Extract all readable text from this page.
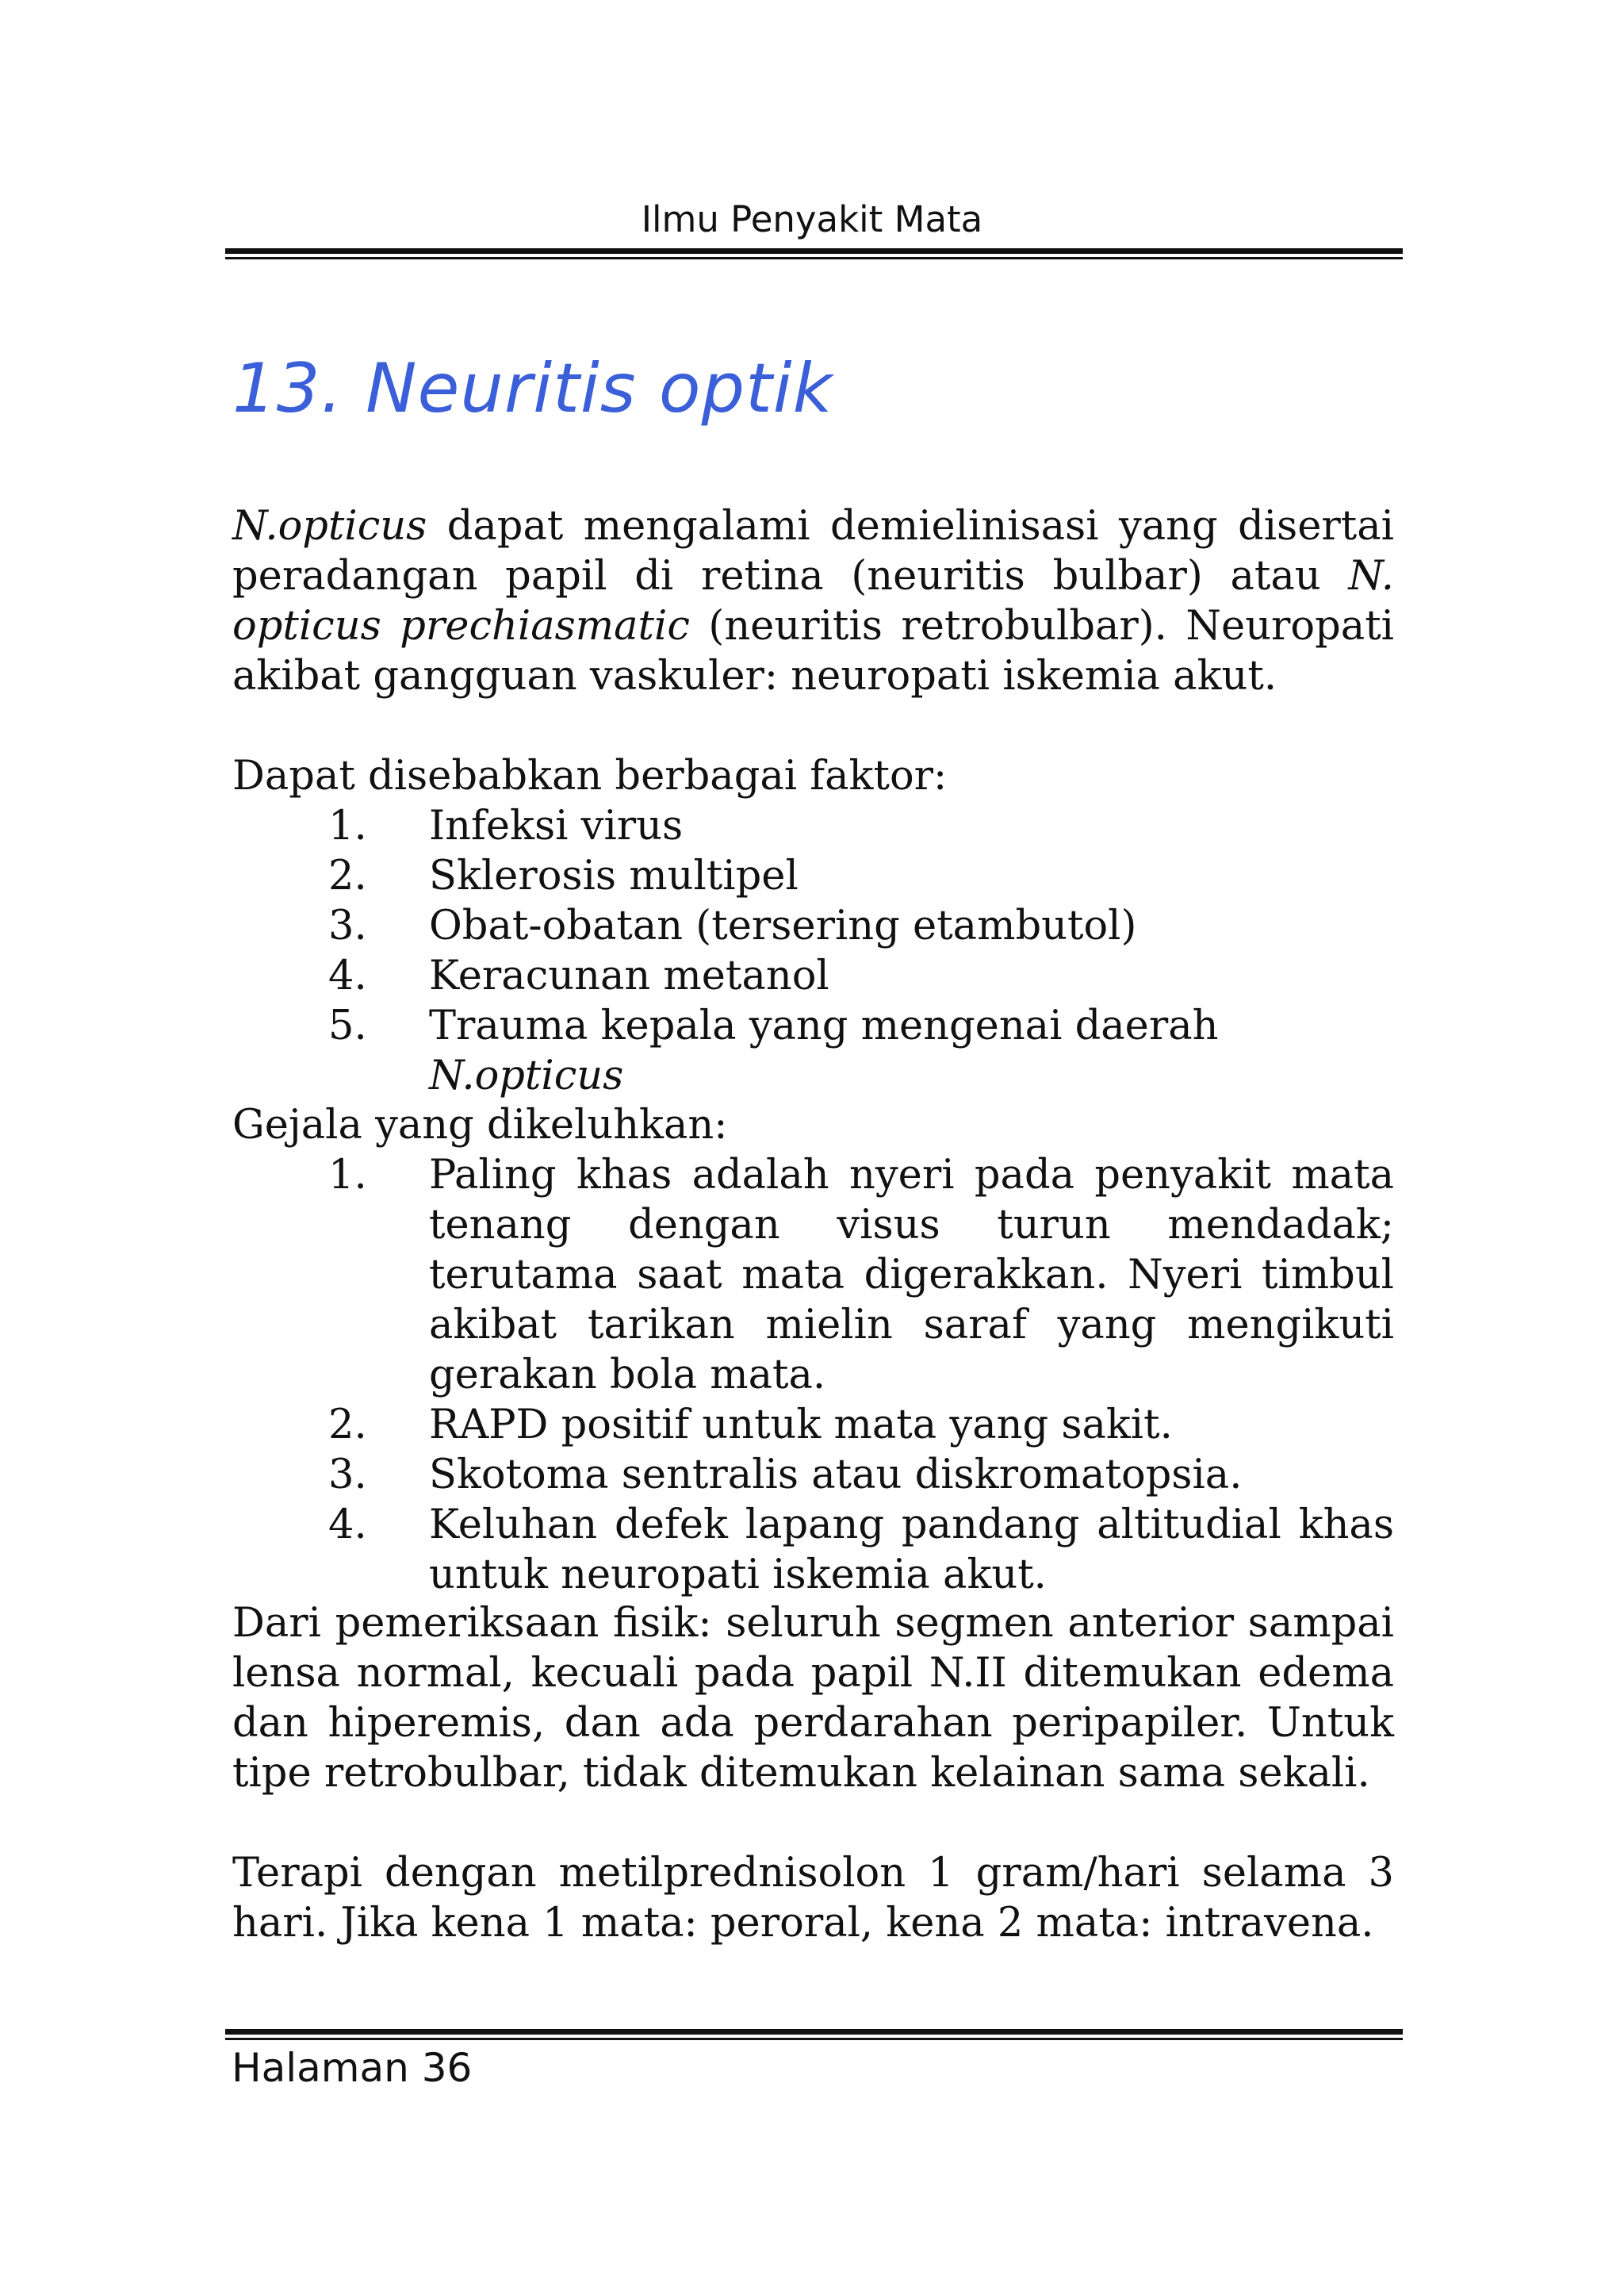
Ilmu Penyakit Mata
13. Neuritis optik
N.opticus dapat mengalami demielinisasi yang disertai peradangan papil di retina (neuritis bulbar) atau N. opticus prechiasmatic (neuritis retrobulbar). Neuropati akibat gangguan vaskuler: neuropati iskemia akut.
Dapat disebabkan berbagai faktor:
1. Infeksi virus
2. Sklerosis multipel
3. Obat-obatan (tersering etambutol)
4. Keracunan metanol
5. Trauma kepala yang mengenai daerah N.opticus
Gejala yang dikeluhkan:
1. Paling khas adalah nyeri pada penyakit mata tenang dengan visus turun mendadak; terutama saat mata digerakkan. Nyeri timbul akibat tarikan mielin saraf yang mengikuti gerakan bola mata.
2. RAPD positif untuk mata yang sakit.
3. Skotoma sentralis atau diskromatopsia.
4. Keluhan defek lapang pandang altitudial khas untuk neuropati iskemia akut.
Dari pemeriksaan fisik: seluruh segmen anterior sampai lensa normal, kecuali pada papil N.II ditemukan edema dan hiperemis, dan ada perdarahan peripapiler. Untuk tipe retrobulbar, tidak ditemukan kelainan sama sekali.
Terapi dengan metilprednisolon 1 gram/hari selama 3 hari. Jika kena 1 mata: peroral, kena 2 mata: intravena.
Halaman 36
